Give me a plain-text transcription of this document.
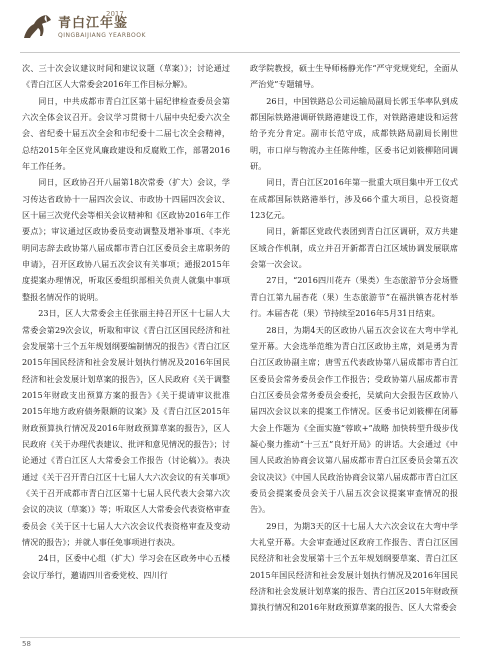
青白江年鉴
2017
QINGBAIJIANG YEARBOOK

次、三十次会议建议时间和建议议题（草案）》；讨论通过《青白江区人大常委会2016年工作目标分解》。

同日，中共成都市青白江区第十届纪律检查委员会第六次全体会议召开。会议学习贯彻十八届中央纪委六次全会、省纪委十届五次全会和市纪委十二届七次全会精神，总结2015年全区党风廉政建设和反腐败工作，部署2016年工作任务。

同日，区政协召开八届第18次常委（扩大）会议，学习传达省政协十一届四次会议、市政协十四届四次会议、区十届三次党代会等相关会议精神和《区政协2016年工作要点》；审议通过区政协委员变动调整及增补事项、《李光明同志辞去政协第八届成都市青白江区委员会主席职务的申请》，召开区政协八届五次会议有关事项；通报2015年度提案办理情况，听取区委组织部相关负责人就集中事项整报名情况作的说明。

23日，区人大常委会主任张丽主持召开区十七届人大常委会第29次会议，听取和审议《青白江区国民经济和社会发展第十三个五年规划纲要编制情况的报告》《青白江区2015年国民经济和社会发展计划执行情况及2016年国民经济和社会发展计划草案的报告》，区人民政府《关于调整2015年财政支出预算方案的报告》《关于提请审议批准2015年地方政府债务限额的议案》及《青白江区2015年财政预算执行情况及2016年财政预算草案的报告》，区人民政府《关于办理代表建议、批评和意见情况的报告》；讨论通过《青白江区人大常委会工作报告（讨论稿）》。表决通过《关于召开青白江区十七届人大六次会议的有关事项》《关于召开成都市青白江区第十七届人民代表大会第六次会议的决议（草案）》等；听取区人大常委会代表资格审查委员会《关于区十七届人大六次会议代表资格审查及变动情况的报告》；并就人事任免事项进行表决。

24日，区委中心组（扩大）学习会在区政务中心五楼会议厅举行，邀请四川省委党校、四川行

政学院教授，硕士生导师杨静光作“严守党规党纪，全面从严治党”专题辅导。

26日，中国铁路总公司运输局副局长郭玉华率队到成都国际铁路港调研铁路港建设工作，对铁路港建设和运营给予充分肯定。副市长范守成，成都铁路局副局长刚世明，市口岸与物流办主任陈仲维，区委书记刘筱柳陪同调研。

同日，青白江区2016年第一批重大项目集中开工仪式在成都国际铁路港举行，涉及66个重大项目，总投资超123亿元。

同日，新都区党政代表团到青白江区调研，双方共建区域合作机制，成立并召开新都青白江区域协调发展联席会第一次会议。

27日，“2016四川花卉（果类）生态旅游节分会场暨青白江第九届杏花（果）生态旅游节”在福洪镇杏花村举行。本届杏花（果）节持续至2016年5月31日结束。

28日，为期4天的区政协八届五次会议在大弯中学礼堂开幕。大会选举范维为青白江区政协主席，刘是勇为青白江区政协副主席；唐雪五代表政协第八届成都市青白江区委员会常务委员会作工作报告；受政协第八届成都市青白江区委员会常务委员会委托，吴斌向大会报告区政协八届四次会议以来的提案工作情况。区委书记刘筱柳在闭幕大会上作题为《全面实施“蓉欧+”战略 加快转型升级步伐 凝心聚力推动“十三五”良好开局》的讲话。大会通过《中国人民政治协商会议第八届成都市青白江区委员会第五次会议决议》《中国人民政治协商会议第八届成都市青白江区委员会提案委员会关于八届五次会议提案审查情况的报告》。

29日，为期3天的区十七届人大六次会议在大弯中学大礼堂开幕。大会审查通过区政府工作报告、青白江区国民经济和社会发展第十三个五年规划纲要草案、青白江区2015年国民经济和社会发展计划执行情况及2016年国民经济和社会发展计划草案的报告、青白江区2015年财政预算执行情况和2016年财政预算草案的报告、区人大常委会

58
